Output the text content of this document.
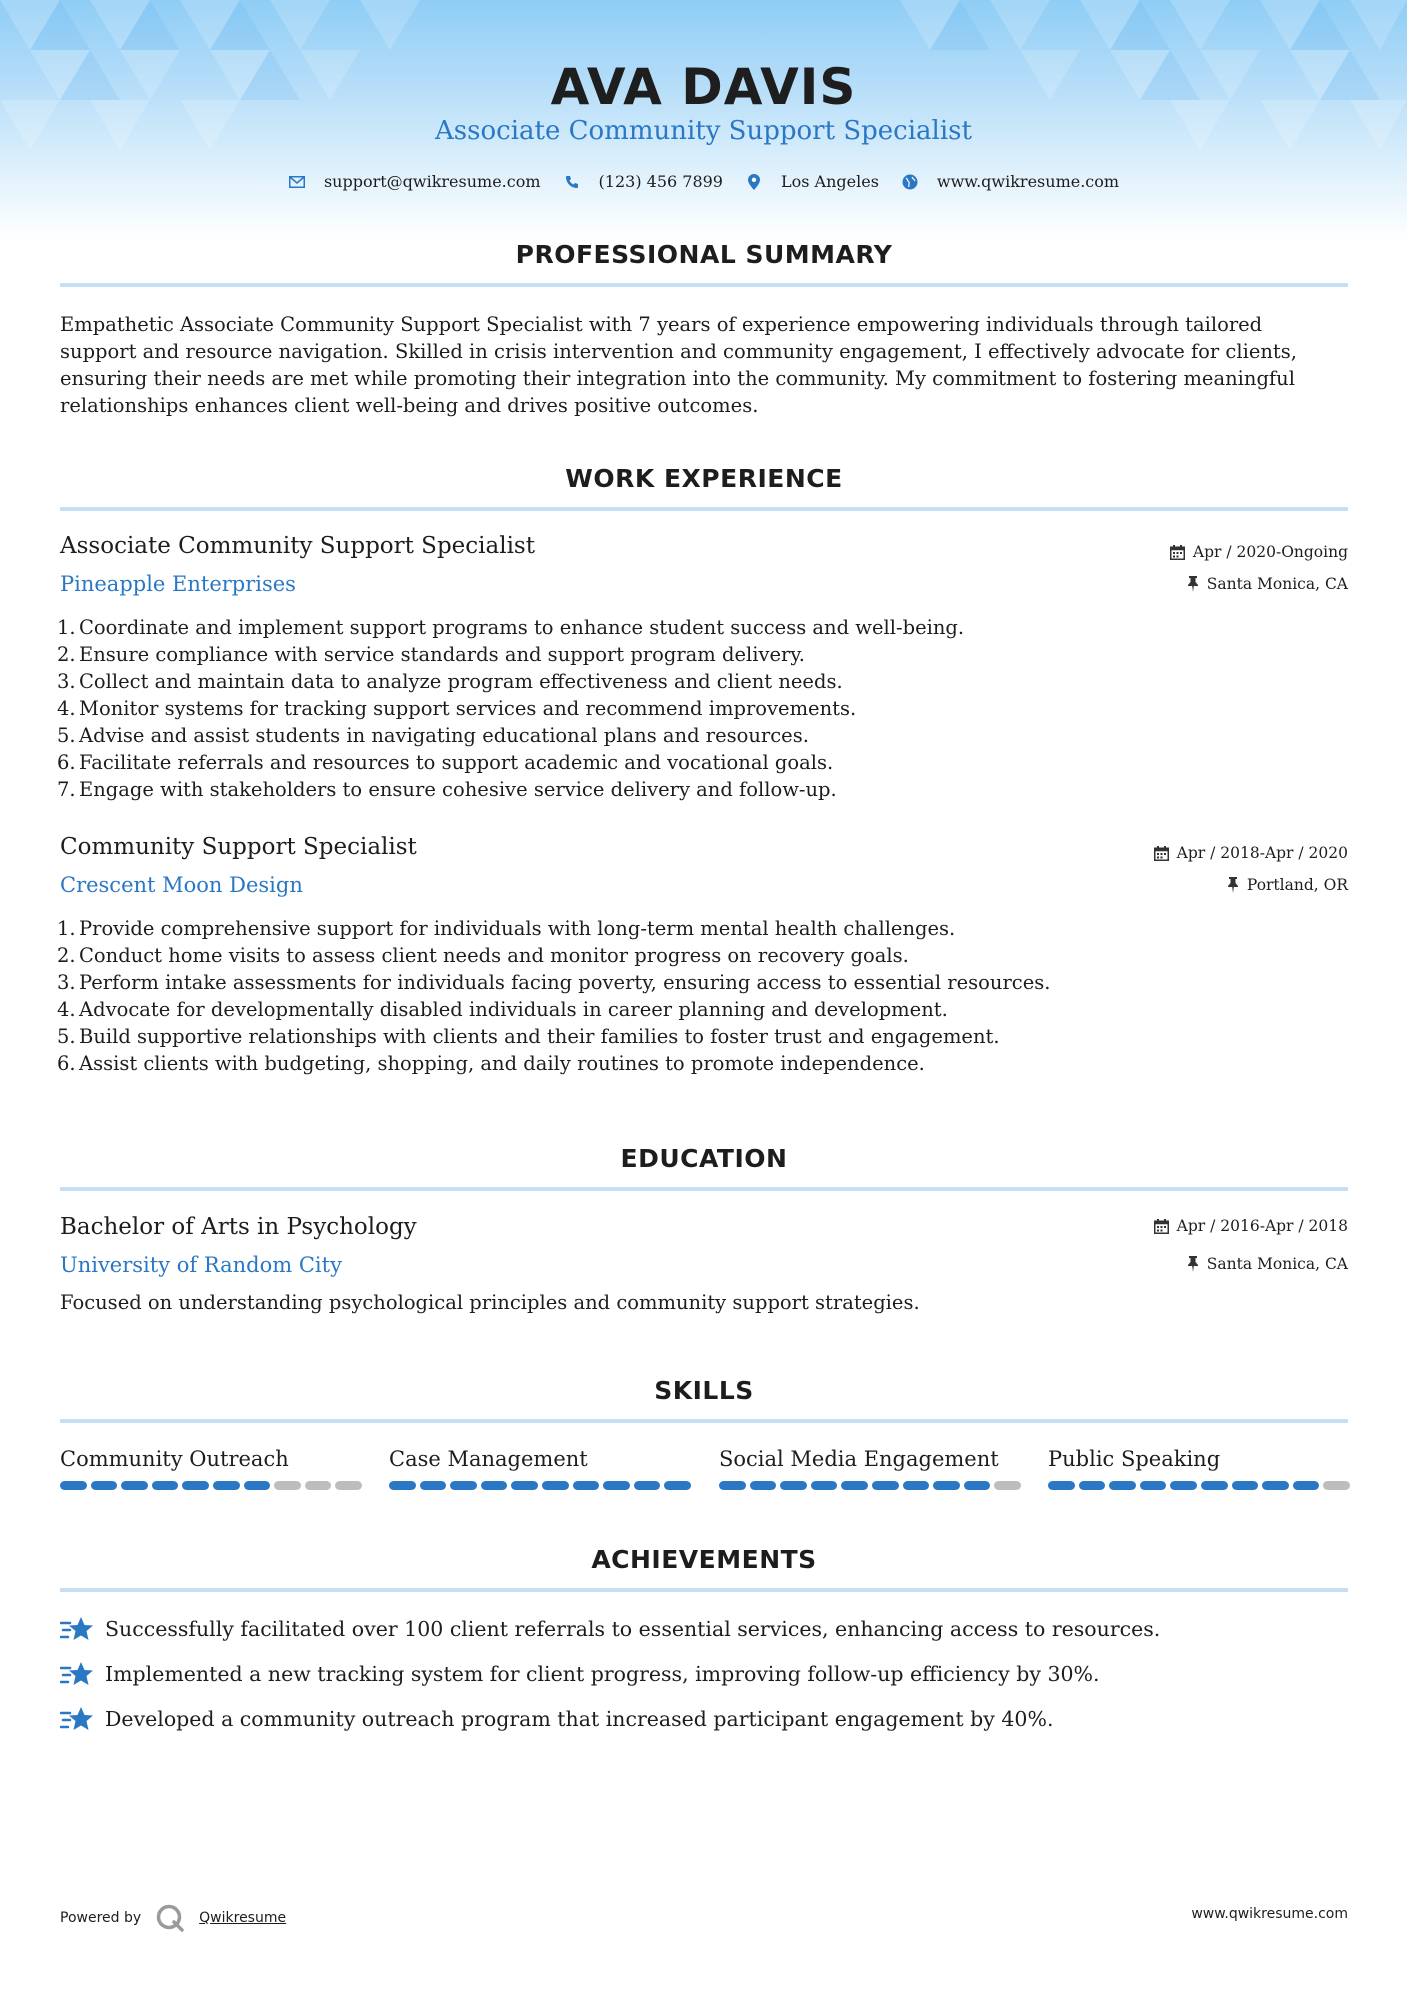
AVA DAVIS
Associate Community Support Specialist
support@qwikresume.com	(123) 456 7899	Los Angeles	www.qwikresume.com
PROFESSIONAL SUMMARY
Empathetic Associate Community Support Specialist with 7 years of experience empowering individuals through tailored
support and resource navigation. Skilled in crisis intervention and community engagement, I effectively advocate for clients,
ensuring their needs are met while promoting their integration into the community. My commitment to fostering meaningful
relationships enhances client well-being and drives positive outcomes.
WORK EXPERIENCE
Associate Community Support Specialist
Pineapple Enterprises
Apr / 2020-Ongoing
Santa Monica, CA
1. Coordinate and implement support programs to enhance student success and well-being.
2. Ensure compliance with service standards and support program delivery.
3. Collect and maintain data to analyze program effectiveness and client needs.
4. Monitor systems for tracking support services and recommend improvements.
5. Advise and assist students in navigating educational plans and resources.
6. Facilitate referrals and resources to support academic and vocational goals.
7. Engage with stakeholders to ensure cohesive service delivery and follow-up.
Community Support Specialist
Crescent Moon Design
Apr / 2018-Apr / 2020
Portland, OR
1. Provide comprehensive support for individuals with long-term mental health challenges.
2. Conduct home visits to assess client needs and monitor progress on recovery goals.
3. Perform intake assessments for individuals facing poverty, ensuring access to essential resources.
4. Advocate for developmentally disabled individuals in career planning and development.
5. Build supportive relationships with clients and their families to foster trust and engagement.
6. Assist clients with budgeting, shopping, and daily routines to promote independence.
EDUCATION
Bachelor of Arts in Psychology
University of Random City
Apr / 2016-Apr / 2018
Santa Monica, CA
Focused on understanding psychological principles and community support strategies.
SKILLS
Community Outreach	Case Management	Social Media Engagement	Public Speaking
ACHIEVEMENTS
Successfully facilitated over 100 client referrals to essential services, enhancing access to resources.
Implemented a new tracking system for client progress, improving follow-up efficiency by 30%.
Developed a community outreach program that increased participant engagement by 40%.
Powered by	Qwikresume	www.qwikresume.com
